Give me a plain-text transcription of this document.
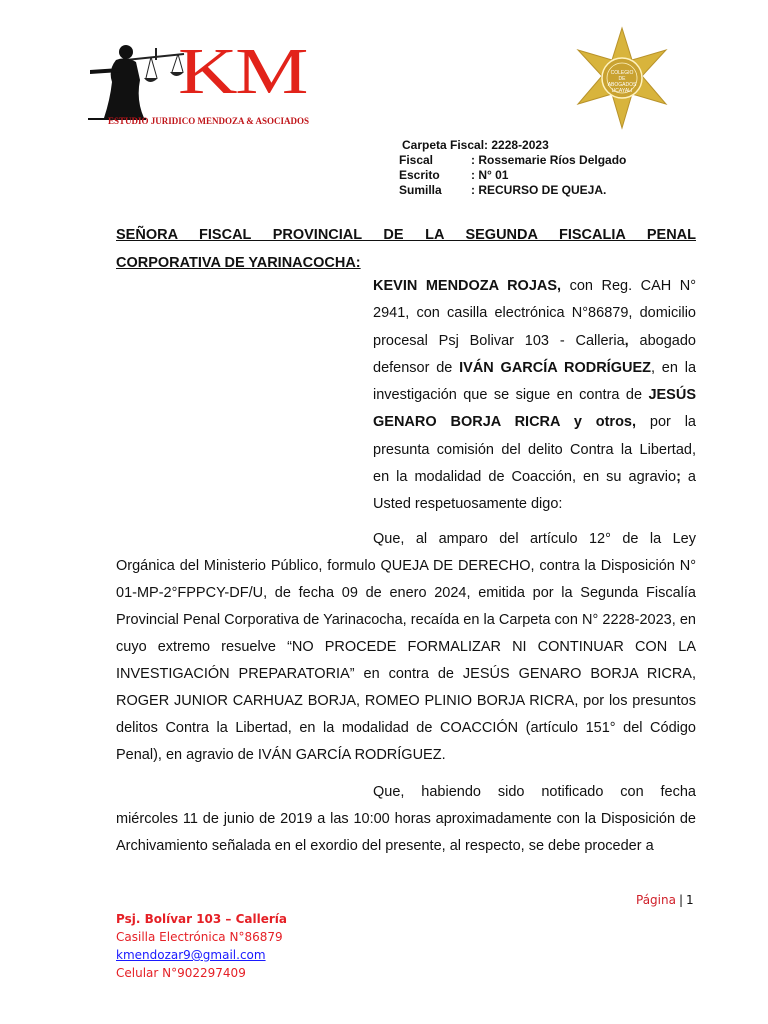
KM
ESTUDIO JURIDICO MENDOZA & ASOCIADOS
COLEGIO
DE
ABOGADOS
UCAYALI
Carpeta Fiscal: 2228-2023
Fiscal	: Rossemarie Ríos Delgado
Escrito	: N° 01
Sumilla	: RECURSO DE QUEJA.
SEÑORA FISCAL PROVINCIAL DE LA SEGUNDA FISCALIA PENAL
CORPORATIVA DE YARINACOCHA:
KEVIN MENDOZA ROJAS, con Reg. CAH N° 2941, con casilla electrónica N°86879, domicilio procesal Psj Bolivar 103 - Calleria, abogado defensor de IVÁN GARCÍA RODRÍGUEZ, en la investigación que se sigue en contra de JESÚS GENARO BORJA RICRA y otros, por la presunta comisión del delito Contra la Libertad, en la modalidad de Coacción, en su agravio; a Usted respetuosamente digo:
Que, al amparo del artículo 12° de la Ley Orgánica del Ministerio Público, formulo QUEJA DE DERECHO, contra la Disposición N° 01-MP-2°FPPCY-DF/U, de fecha 09 de enero 2024, emitida por la Segunda Fiscalía Provincial Penal Corporativa de Yarinacocha, recaída en la Carpeta con N° 2228-2023, en cuyo extremo resuelve “NO PROCEDE FORMALIZAR NI CONTINUAR CON LA INVESTIGACIÓN PREPARATORIA” en contra de JESÚS GENARO BORJA RICRA, ROGER JUNIOR CARHUAZ BORJA, ROMEO PLINIO BORJA RICRA, por los presuntos delitos Contra la Libertad, en la modalidad de COACCIÓN (artículo 151° del Código Penal), en agravio de IVÁN GARCÍA RODRÍGUEZ.
Que, habiendo sido notificado con fecha miércoles 11 de junio de 2019 a las 10:00 horas aproximadamente con la Disposición de Archivamiento señalada en el exordio del presente, al respecto, se debe proceder a
Página | 1
Psj. Bolívar 103 – Callería
Casilla Electrónica N°86879
kmendozar9@gmail.com
Celular N°902297409
